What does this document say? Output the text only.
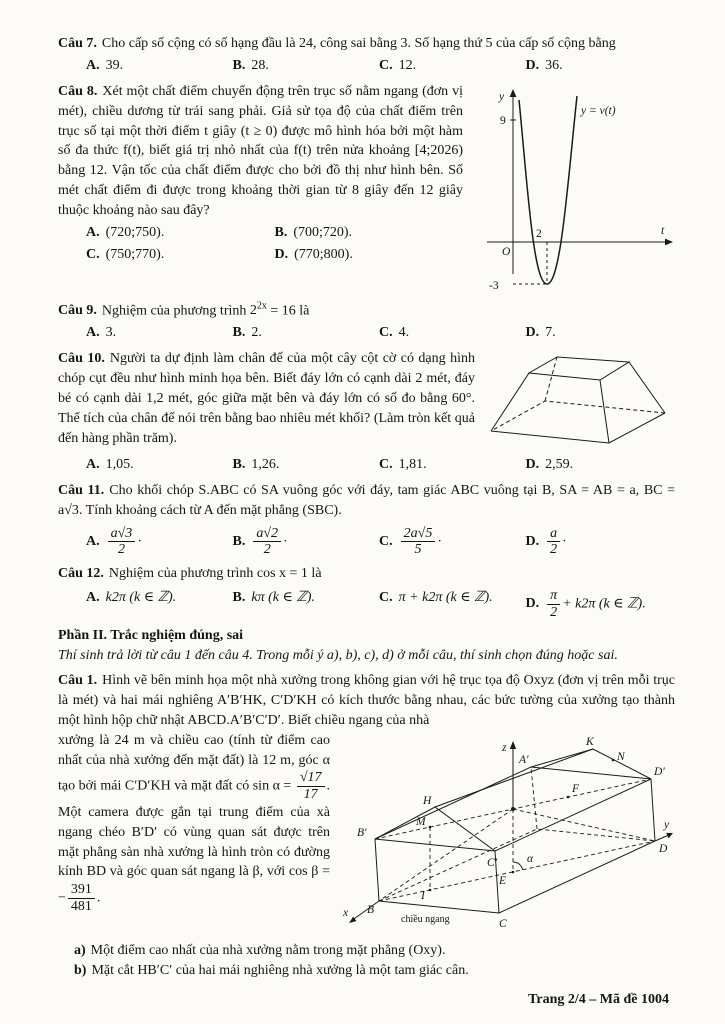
Câu 7. Cho cấp số cộng có số hạng đầu là 24, công sai bằng 3. Số hạng thứ 5 của cấp số cộng bằng

A. 39.	B. 28.	C. 12.	D. 36.
y
t
O
9
2
-3
y = v(t)

Câu 8. Xét một chất điểm chuyển động trên trục số nằm ngang (đơn vị mét), chiều dương từ trái sang phải. Giả sử tọa độ của chất điểm trên trục số tại một thời điểm t giây (t ≥ 0) được mô hình hóa bởi một hàm số đa thức f(t), biết giá trị nhỏ nhất của f(t) trên nửa khoảng [4;2026) bằng 12. Vận tốc của chất điểm được cho bởi đồ thị như hình bên. Số mét chất điểm đi được trong khoảng thời gian từ 8 giây đến 12 giây thuộc khoảng nào sau đây?

A. (720;750).	B. (700;720).
C. (750;770).	D. (770;800).

Câu 9. Nghiệm của phương trình $2^{2x} = 16$ là

A. 3.	B. 2.	C. 4.	D. 7.

Câu 10. Người ta dự định làm chân đế của một cây cột cờ có dạng hình chóp cụt đều như hình minh họa bên. Biết đáy lớn có cạnh dài 2 mét, đáy bé có cạnh dài 1,2 mét, góc giữa mặt bên và đáy lớn có số đo bằng 60°. Thể tích của chân đế nói trên bằng bao nhiêu mét khối? (Làm tròn kết quả đến hàng phần trăm).

A. 1,05.	B. 1,26.	C. 1,81.	D. 2,59.

Câu 11. Cho khối chóp S.ABC có SA vuông góc với đáy, tam giác ABC vuông tại B, SA = AB = a, BC = a√3. Tính khoảng cách từ A đến mặt phẳng (SBC).

A. $\frac{a√3}{2}$ ·	B. $\frac{a√2}{2}$ ·	C. $\frac{2a√5}{5}$ ·	D. $\frac{a}{2}$ ·

Câu 12. Nghiệm của phương trình cos x = 1 là

A. k2π (k ∈ ℤ).	B. kπ (k ∈ ℤ).	C. π + k2π (k ∈ ℤ).	D. $\frac{\pi}{2} + k2\pi$ (k ∈ ℤ).

Phần II. Trắc nghiệm đúng, sai

Thí sinh trả lời từ câu 1 đến câu 4. Trong mỗi ý a), b), c), d) ở mỗi câu, thí sinh chọn đúng hoặc sai.

Câu 1. Hình vẽ bên minh họa một nhà xưởng trong không gian với hệ trục tọa độ Oxyz (đơn vị trên mỗi trục là mét) và hai mái nghiêng A′B′HK, C′D′KH có kích thước bằng nhau, các bức tường của xưởng tạo thành một hình hộp chữ nhật ABCD.A′B′C′D′. Biết chiều ngang của nhà

B
C
D
B′
C′
D′
A′
H
K
N
M
I
E
F
α
x
y
z
chiều ngang

xưởng là 24 m và chiều cao (tính từ điểm cao nhất của nhà xưởng đến mặt đất) là 12 m, góc α tạo bởi mái C′D′KH và mặt đất có $\sin \alpha = \frac{√17}{17}$ . Một camera được gắn tại trung điểm của xà ngang chéo B′D′ có vùng quan sát được trên mặt phẳng sàn nhà xưởng là hình tròn có đường kính BD và góc quan sát ngang là β, với cos β = − $\frac{391}{481}$ .

a) Một điểm cao nhất của nhà xưởng nằm trong mặt phẳng (Oxy).

b) Mặt cắt HB′C′ của hai mái nghiêng nhà xưởng là một tam giác cân.

Trang 2/4 – Mã đề 1004
